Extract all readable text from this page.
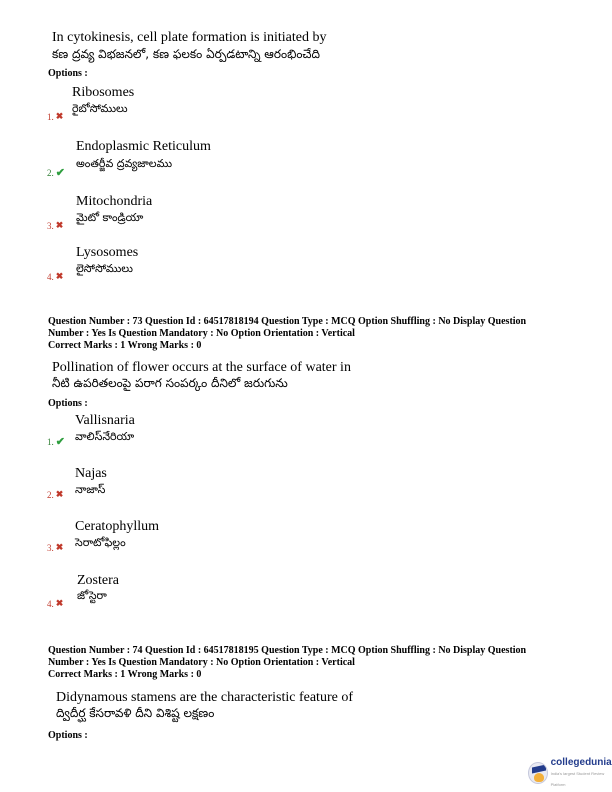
In cytokinesis, cell plate formation is initiated by
కణ ద్రవ్య విభజనలో, కణ ఫలకం ఏర్పడటాన్ని ఆరంభించేది
Options :
Ribosomes
రైబోసోములు
1. ✖
Endoplasmic Reticulum
అంతర్జీవ ద్రవ్యజాలము
2. ✔
Mitochondria
మైటో కాండ్రియా
3. ✖
Lysosomes
లైసోసోములు
4. ✖
Question Number : 73 Question Id : 64517818194 Question Type : MCQ Option Shuffling : No Display Question
Number : Yes Is Question Mandatory : No Option Orientation : Vertical
Correct Marks : 1 Wrong Marks : 0
Pollination of flower occurs at the surface of water in
నీటి ఉపరితలంపై పరాగ సంపర్కం దీనిలో జరుగును
Options :
Vallisnaria
వాలిస్‌నేరియా
1. ✔
Najas
నాజాస్
2. ✖
Ceratophyllum
సెరాటోఫిల్లం
3. ✖
Zostera
జోస్టెరా
4. ✖
Question Number : 74 Question Id : 64517818195 Question Type : MCQ Option Shuffling : No Display Question
Number : Yes Is Question Mandatory : No Option Orientation : Vertical
Correct Marks : 1 Wrong Marks : 0
Didynamous stamens are the characteristic feature of
ద్విదీర్ఘ కేసరావళి దీని విశిష్ట లక్షణం
Options :
collegedunia
India's largest Student Review Platform
